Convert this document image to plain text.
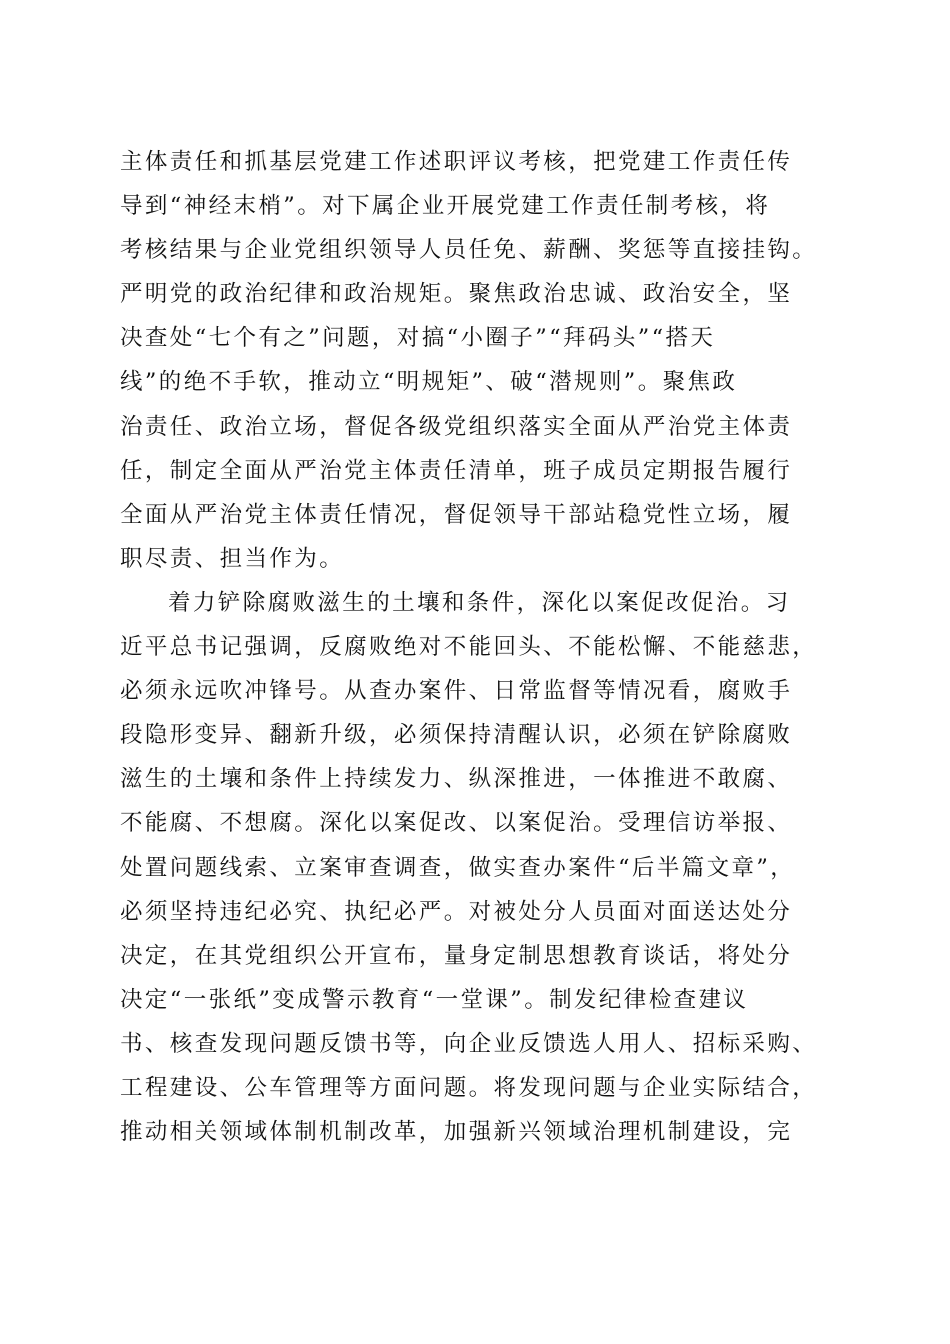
主体责任和抓基层党建工作述职评议考核，把党建工作责任传
导到“神经末梢”。对下属企业开展党建工作责任制考核，将
考核结果与企业党组织领导人员任免、薪酬、奖惩等直接挂钩。
严明党的政治纪律和政治规矩。聚焦政治忠诚、政治安全，坚
决查处“七个有之”问题，对搞“小圈子”“拜码头”“搭天
线”的绝不手软，推动立“明规矩”、破“潜规则”。聚焦政
治责任、政治立场，督促各级党组织落实全面从严治党主体责
任，制定全面从严治党主体责任清单，班子成员定期报告履行
全面从严治党主体责任情况，督促领导干部站稳党性立场，履
职尽责、担当作为。
着力铲除腐败滋生的土壤和条件，深化以案促改促治。习
近平总书记强调，反腐败绝对不能回头、不能松懈、不能慈悲，
必须永远吹冲锋号。从查办案件、日常监督等情况看，腐败手
段隐形变异、翻新升级，必须保持清醒认识，必须在铲除腐败
滋生的土壤和条件上持续发力、纵深推进，一体推进不敢腐、
不能腐、不想腐。深化以案促改、以案促治。受理信访举报、
处置问题线索、立案审查调查，做实查办案件“后半篇文章”，
必须坚持违纪必究、执纪必严。对被处分人员面对面送达处分
决定，在其党组织公开宣布，量身定制思想教育谈话，将处分
决定“一张纸”变成警示教育“一堂课”。制发纪律检查建议
书、核查发现问题反馈书等，向企业反馈选人用人、招标采购、
工程建设、公车管理等方面问题。将发现问题与企业实际结合，
推动相关领域体制机制改革，加强新兴领域治理机制建设，完
